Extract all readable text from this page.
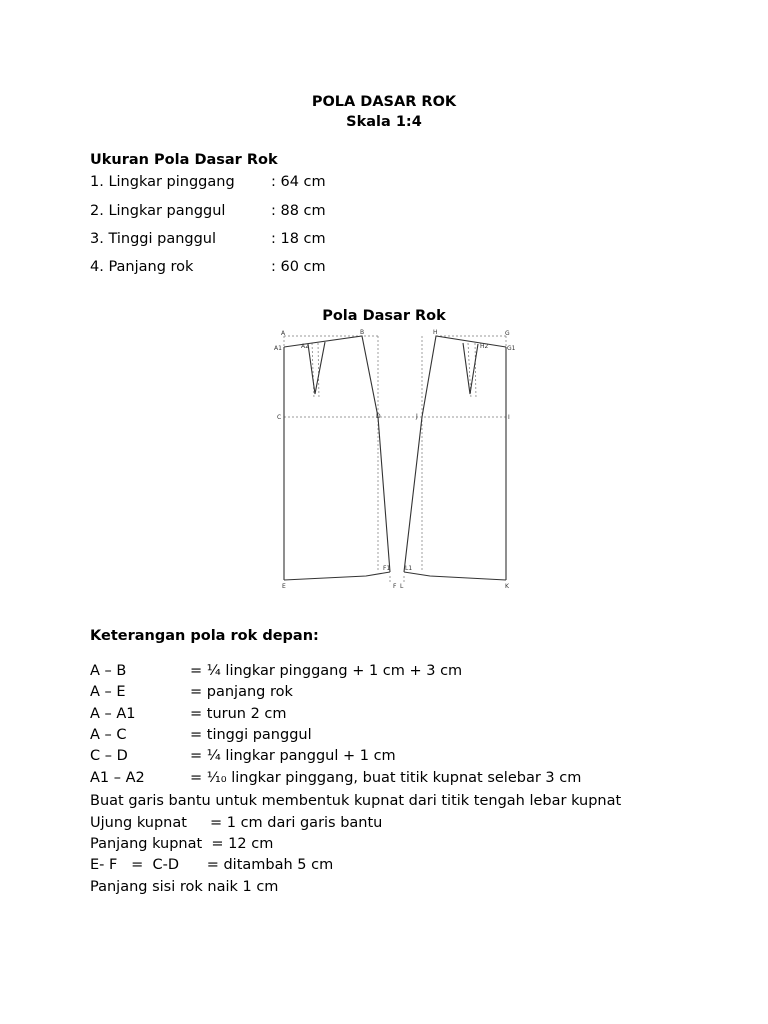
POLA DASAR ROK
Skala 1:4
Ukuran Pola Dasar Rok
1. Lingkar pinggang	: 64 cm
2. Lingkar panggul	: 88 cm
3. Tinggi panggul	: 18 cm
4. Panjang rok	: 60 cm
Pola Dasar Rok
A	B
A1	A2
C	D
E	F
F1
G
H
G1
H2
I
J
K
L
L1
Keterangan pola rok depan:
A – B	= ¼ lingkar pinggang + 1 cm + 3 cm
A – E	= panjang rok
A – A1	= turun 2 cm
A – C	= tinggi panggul
C – D	= ¼ lingkar panggul + 1 cm
A1 – A2	= ⅒ lingkar pinggang, buat titik kupnat selebar 3 cm
Buat garis bantu untuk membentuk kupnat dari titik tengah lebar kupnat
Ujung kupnat     = 1 cm dari garis bantu
Panjang kupnat  = 12 cm
E- F   =  C-D      = ditambah 5 cm
Panjang sisi rok naik 1 cm
